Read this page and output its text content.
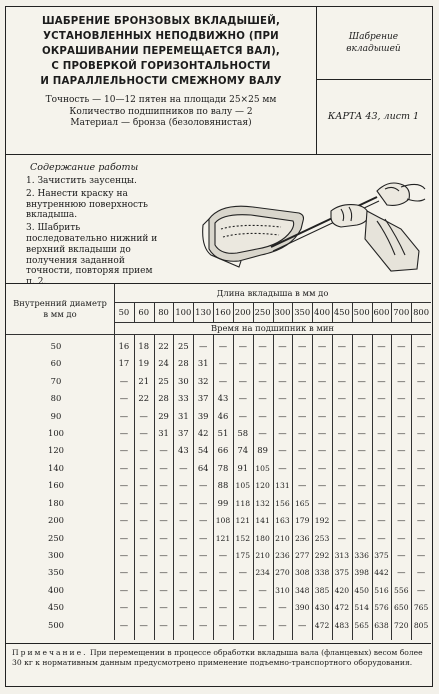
ШАБРЕНИЕ БРОНЗОВЫХ ВКЛАДЫШЕЙ,
УСТАНОВЛЕННЫХ НЕПОДВИЖНО (ПРИ
ОКРАШИВАНИИ ПЕРЕМЕЩАЕТСЯ ВАЛ),
С ПРОВЕРКОЙ ГОРИЗОНТАЛЬНОСТИ
И ПАРАЛЛЕЛЬНОСТИ СМЕЖНОМУ ВАЛУ
Точность — 10—12 пятен на площади 25×25 мм
Количество подшипников по валу — 2
Материал — бронза (безоловянистая)
Шабрение
вкладышей
КАРТА 43, лист 1
Содержание работы
1. Зачистить заусенцы.
2. Нанести краску на внутреннюю поверхность вкладыша.
3. Шабрить последовательно нижний и верхний вкладыши до получения заданной точности, повторяя прием п. 2.
Внутренний диаметр в мм до
Длина вкладыша в мм до
50	60	80 100 130 160 200 250 300 350 400 450 500 600 700 800
Время на подшипник в мин
50	16	18	22	25	—	—	—	—	—	—	—	—	—	—	—	—
60	17	19	24	28	31	—	—	—	—	—	—	—	—	—	—	—
70	—	21	25	30	32	—	—	—	—	—	—	—	—	—	—	—
80	—	22	28	33	37	43	—	—	—	—	—	—	—	—	—	—
90	—	—	29	31	39	46	—	—	—	—	—	—	—	—	—	—
100	—	—	31	37	42	51	58	—	—	—	—	—	—	—	—	—
120	—	—	—	43	54	66	74	89	—	—	—	—	—	—	—	—
140	—	—	—	—	64	78	91 105 —	—	—	—	—	—	—	—
160	—	—	—	—	—	88 105 120 131 —	—	—	—	—	—	—
180	—	—	—	—	—	99 118 132 156 165 —	—	—	—	—	—
200	—	—	—	—	—	108 121 141 163 179 192 —	—	—	—	—
250	—	—	—	—	—	121 152 180 210 236 253 —	—	—	—	—
300	—	—	—	—	—	—	175 210 236 277 292 313 336 375 —	—
350	—	—	—	—	—	—	—	234 270 308 338 375 398 442 —	—
400	—	—	—	—	—	—	—	—	310 348 385 420 450 516 556 —
450	—	—	—	—	—	—	—	—	—	390 430 472 514 576 650 765
500	—	—	—	—	—	—	—	—	—	—	472 483 565 638 720 805
Примечание. При перемещении в процессе обработки вкладыша вала (фланцевых) весом более 30 кг к нормативным данным предусмотрено применение подъемно-транспортного оборудования.
